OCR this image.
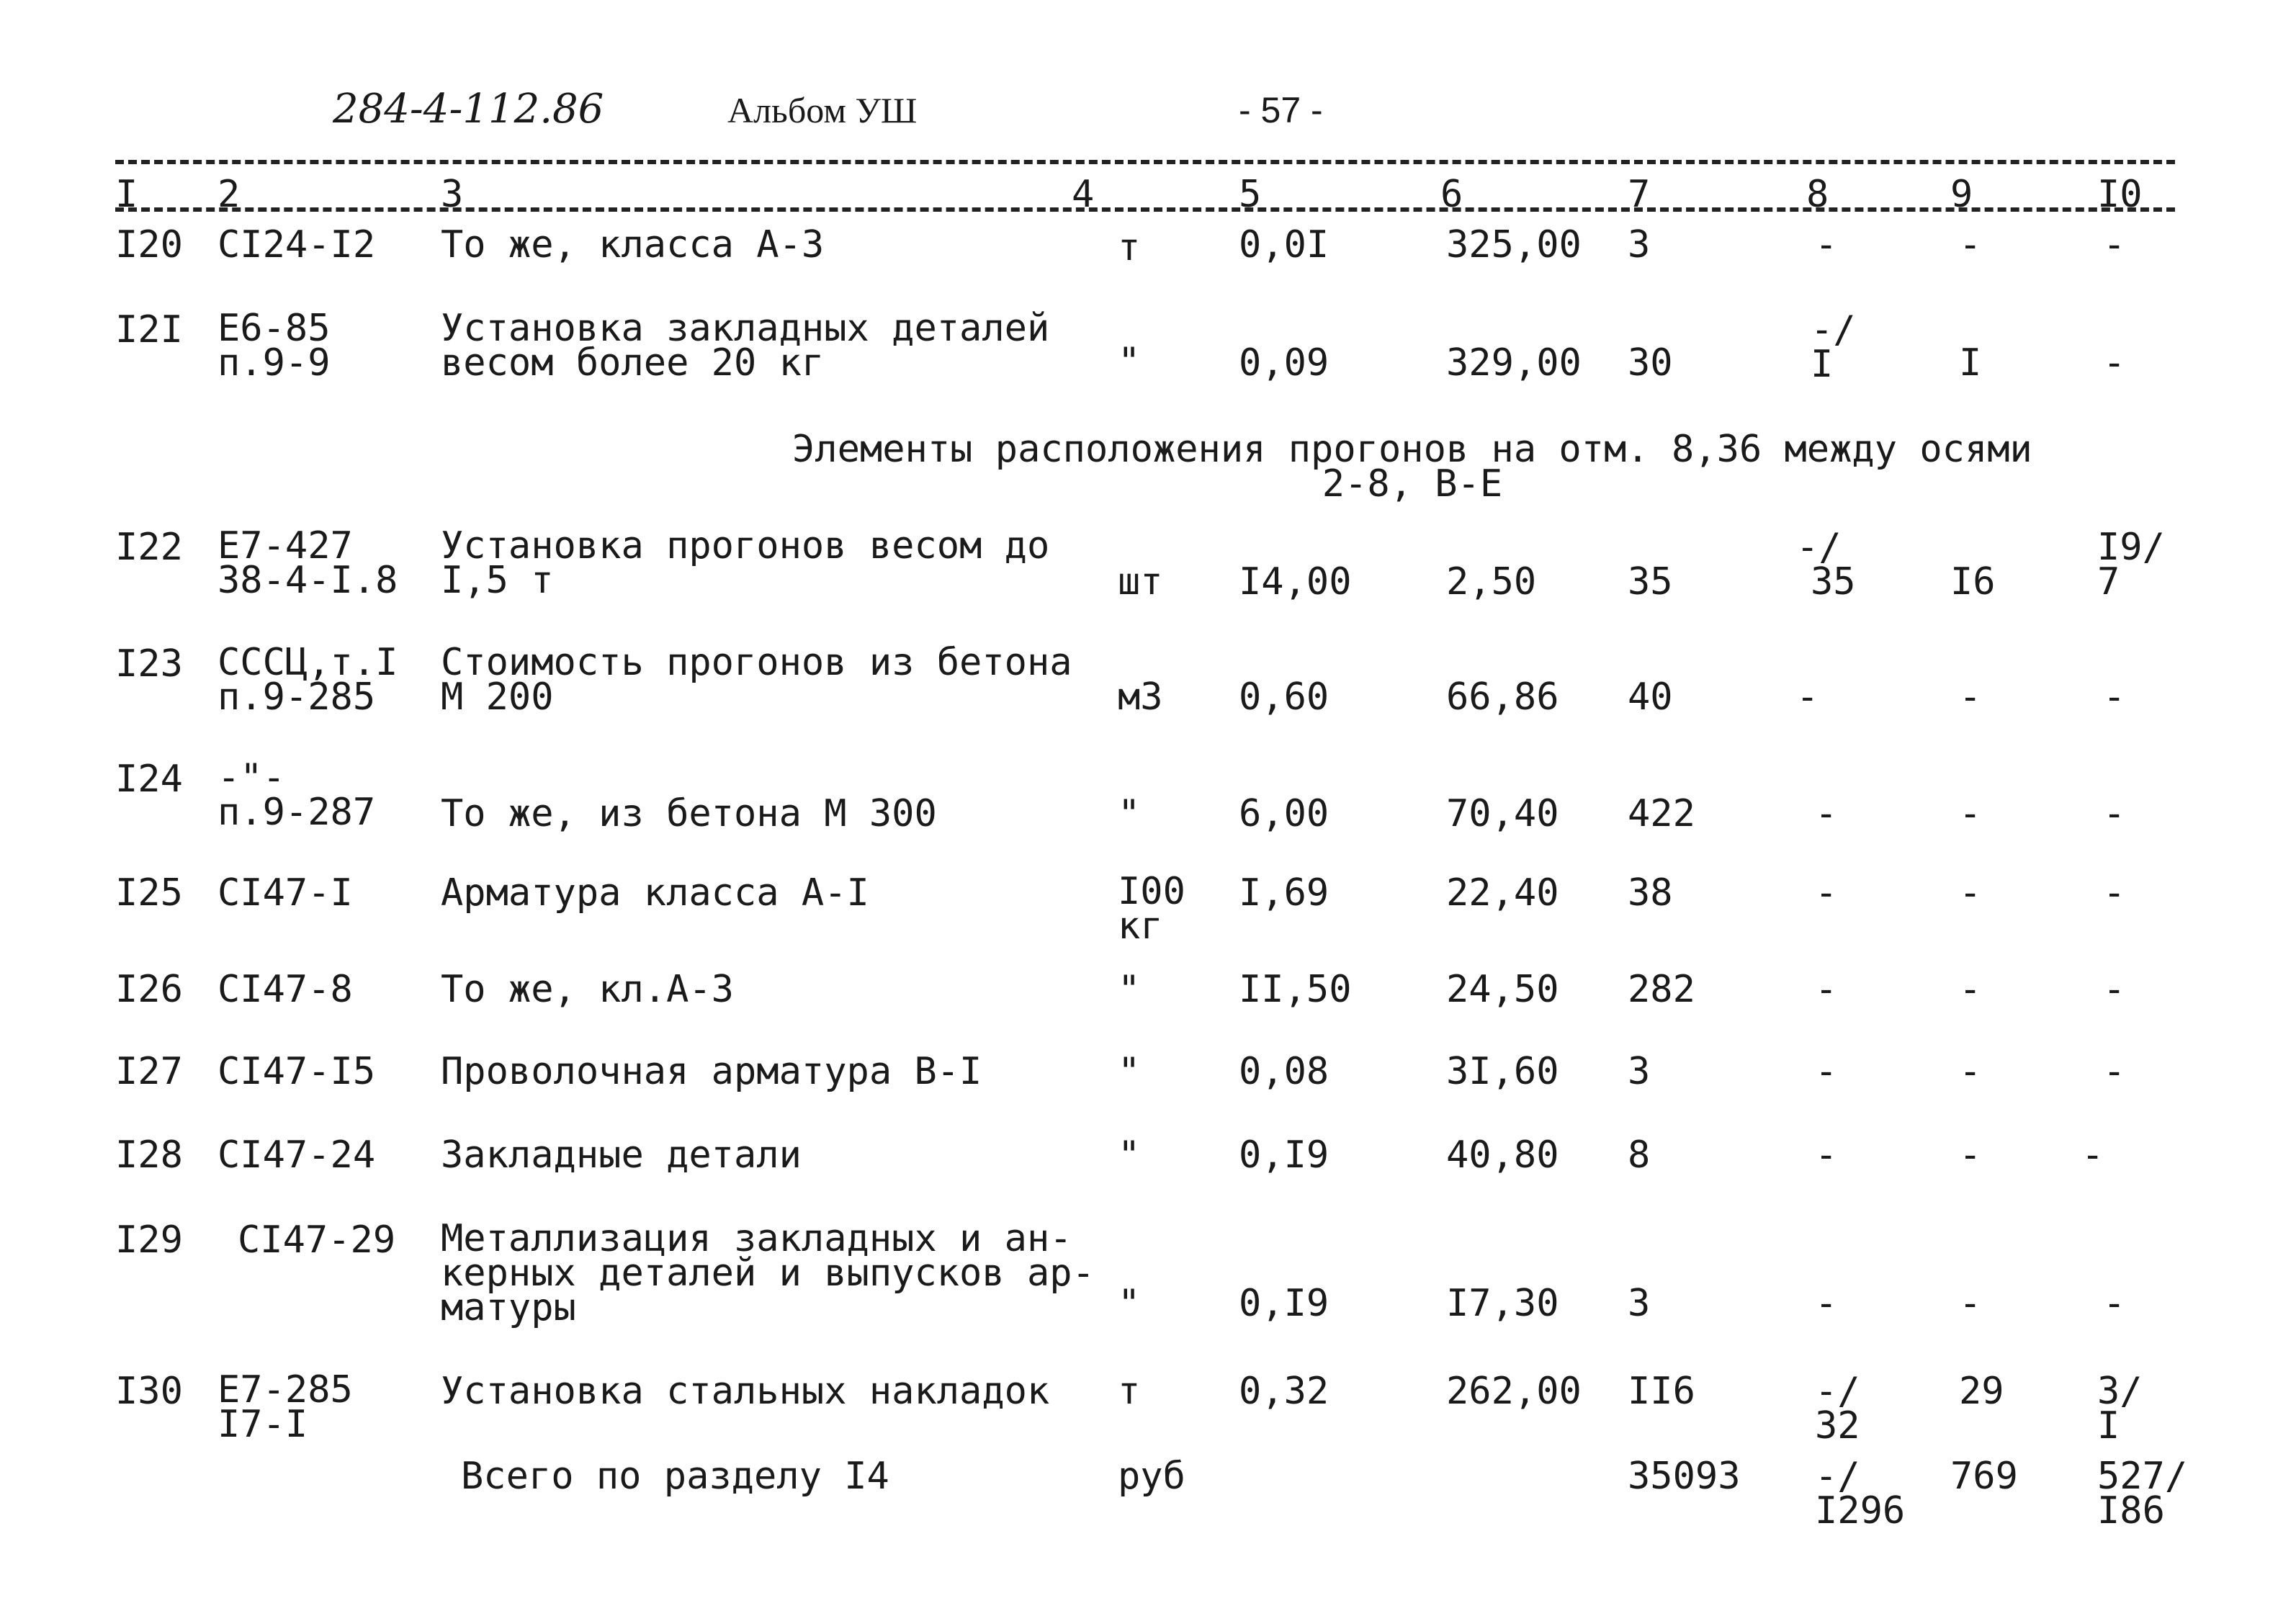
284-4-112.86	Альбом УШ	- 57 -
I 2	3	4	5	6	7	8	9	I0
I20 CI24-I2 То же, класса А-3	т	0,0I	325,00 3	-	-	-
I2I Е6-85
п.9-9
Установка закладных деталей
весом более 20 кг	"	0,09	329,00 30
-/
I	I	-
Элементы расположения прогонов на отм. 8,36 между осями
2-8, В-Е
I22 Е7-427
38-4-I.8
Установка прогонов весом до
I,5 т	шт I4,00	2,50 35
-/
35	I6
I9/
7
I23 СССЦ,т.I
п.9-285
Стоимость прогонов из бетона
М 200	м3 0,60	66,86 40	-	-	-
I24 -"-
п.9-287 То же, из бетона М 300	"	6,00	70,40 422	-	-	-
I25 CI47-I Арматура класса А-I	I00
кг
I,69	22,40 38	-	-	-
I26 CI47-8 То же, кл.А-3	"	II,50	24,50 282	-	-	-
I27 CI47-I5 Проволочная арматура В-I	"	0,08	3I,60 3	-	-	-
I28 CI47-24 Закладные детали	"	0,I9	40,80 8	-	-	-
I29 CI47-29 Металлизация закладных и ан-
керных деталей и выпусков ар-
матуры	"	0,I9	I7,30 3	-	-	-
I30 Е7-285
I7-I
Установка стальных накладок т	0,32	262,00 II6	-/
32
29 3/
I
Всего по разделу I4	руб	35093 -/
I296
769 527/
I86
